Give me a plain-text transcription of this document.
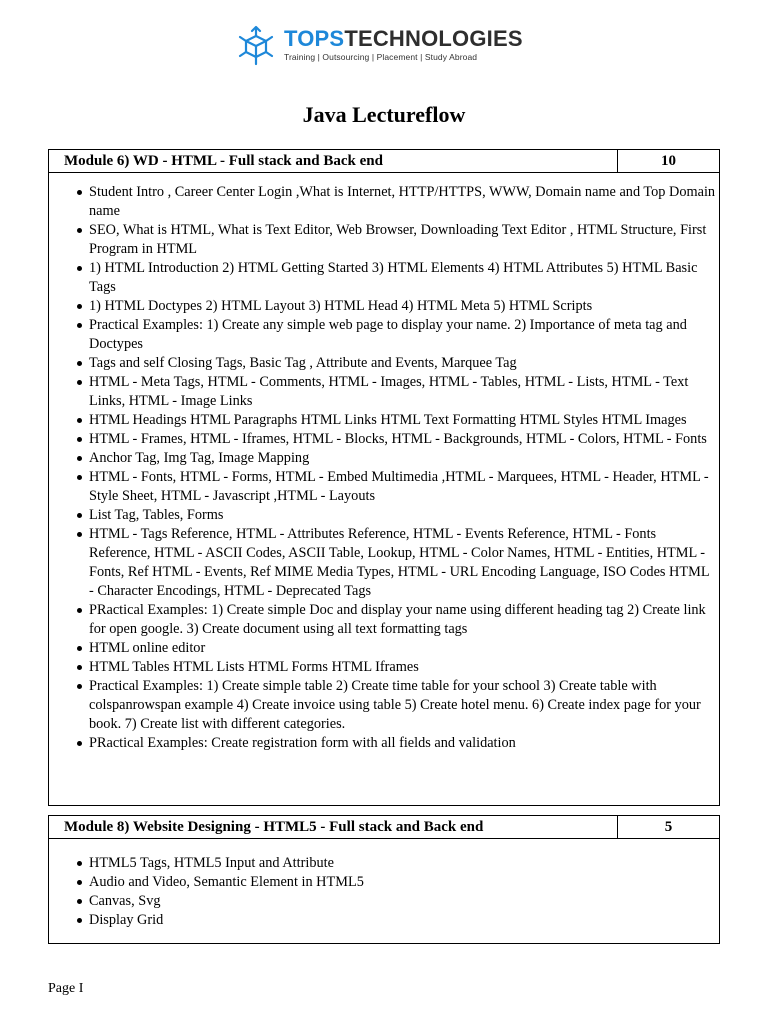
TOPSTECHNOLOGIES
Training | Outsourcing | Placement | Study Abroad
Java Lectureflow
Module 6) WD - HTML - Full stack and Back end	10
Student Intro , Career Center Login ,What is Internet, HTTP/HTTPS, WWW, Domain name and Top Domain name
SEO, What is HTML, What is Text Editor, Web Browser, Downloading Text Editor , HTML Structure, First Program in HTML
1) HTML Introduction 2) HTML Getting Started 3) HTML Elements 4) HTML Attributes 5) HTML Basic Tags
1) HTML Doctypes 2) HTML Layout 3) HTML Head 4) HTML Meta 5) HTML Scripts
Practical Examples: 1) Create any simple web page to display your name. 2) Importance of meta tag and Doctypes
Tags and self Closing Tags, Basic Tag , Attribute and Events, Marquee Tag
HTML - Meta Tags, HTML - Comments, HTML - Images, HTML - Tables, HTML - Lists, HTML - Text Links, HTML - Image Links
HTML Headings HTML Paragraphs HTML Links HTML Text Formatting HTML Styles HTML Images
HTML - Frames, HTML - Iframes, HTML - Blocks, HTML - Backgrounds, HTML - Colors, HTML - Fonts
Anchor Tag, Img Tag, Image Mapping
HTML - Fonts, HTML - Forms, HTML - Embed Multimedia ,HTML - Marquees, HTML - Header, HTML - Style Sheet, HTML - Javascript ,HTML - Layouts
List Tag, Tables, Forms
HTML - Tags Reference, HTML - Attributes Reference, HTML - Events Reference, HTML - Fonts Reference, HTML - ASCII Codes, ASCII Table, Lookup, HTML - Color Names, HTML - Entities, HTML - Fonts, Ref HTML - Events, Ref MIME Media Types, HTML - URL Encoding Language, ISO Codes HTML - Character Encodings, HTML - Deprecated Tags
PRactical Examples: 1) Create simple Doc and display your name using different heading tag 2) Create link for open google. 3) Create document using all text formatting tags
HTML online editor
HTML Tables HTML Lists HTML Forms HTML Iframes
Practical Examples: 1) Create simple table 2) Create time table for your school 3) Create table with colspanrowspan example 4) Create invoice using table 5) Create hotel menu. 6) Create index page for your book. 7) Create list with different categories.
PRactical Examples: Create registration form with all fields and validation
Module 8) Website Designing - HTML5 - Full stack and Back end	5
HTML5 Tags, HTML5 Input and Attribute
Audio and Video, Semantic Element in HTML5
Canvas, Svg
Display Grid
Page I
